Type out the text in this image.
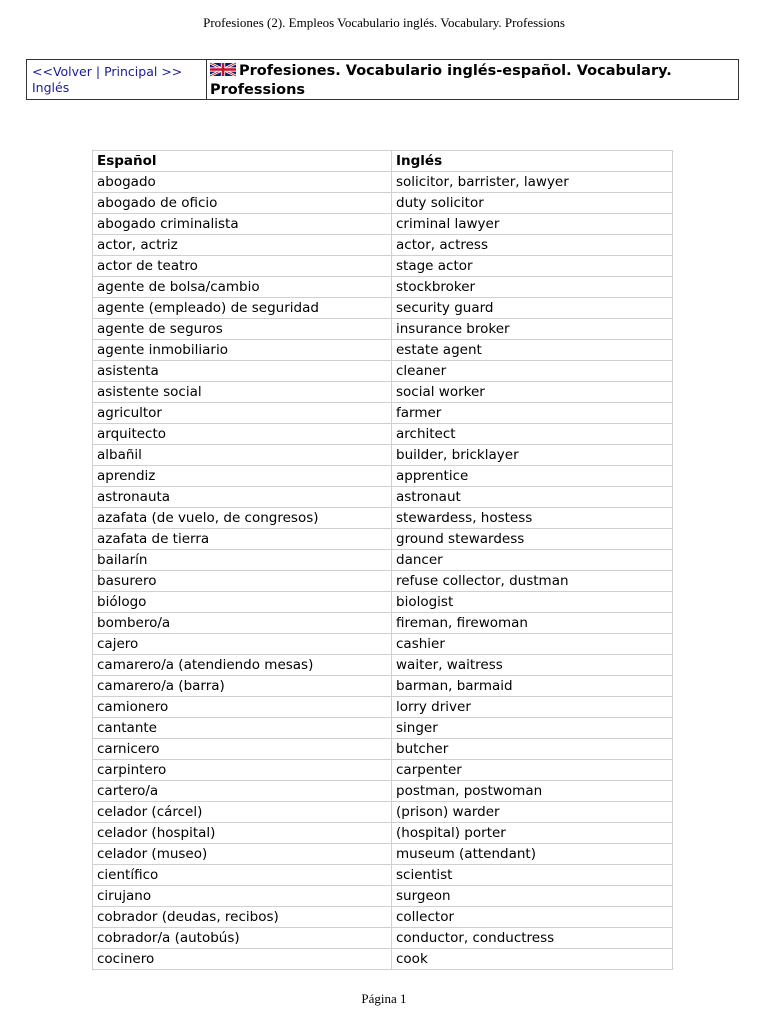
Profesiones (2). Empleos Vocabulario inglés. Vocabulary. Professions
<<Volver | Principal >>
Inglés
Profesiones. Vocabulario inglés-español. Vocabulary. Professions
Español	Inglés
abogado	solicitor, barrister, lawyer
abogado de oficio	duty solicitor
abogado criminalista	criminal lawyer
actor, actriz	actor, actress
actor de teatro	stage actor
agente de bolsa/cambio	stockbroker
agente (empleado) de seguridad	security guard
agente de seguros	insurance broker
agente inmobiliario	estate agent
asistenta	cleaner
asistente social	social worker
agricultor	farmer
arquitecto	architect
albañil	builder, bricklayer
aprendiz	apprentice
astronauta	astronaut
azafata (de vuelo, de congresos)	stewardess, hostess
azafata de tierra	ground stewardess
bailarín	dancer
basurero	refuse collector, dustman
biólogo	biologist
bombero/a	fireman, firewoman
cajero	cashier
camarero/a (atendiendo mesas)	waiter, waitress
camarero/a (barra)	barman, barmaid
camionero	lorry driver
cantante	singer
carnicero	butcher
carpintero	carpenter
cartero/a	postman, postwoman
celador (cárcel)	(prison) warder
celador (hospital)	(hospital) porter
celador (museo)	museum (attendant)
científico	scientist
cirujano	surgeon
cobrador (deudas, recibos)	collector
cobrador/a (autobús)	conductor, conductress
cocinero	cook
Página 1
